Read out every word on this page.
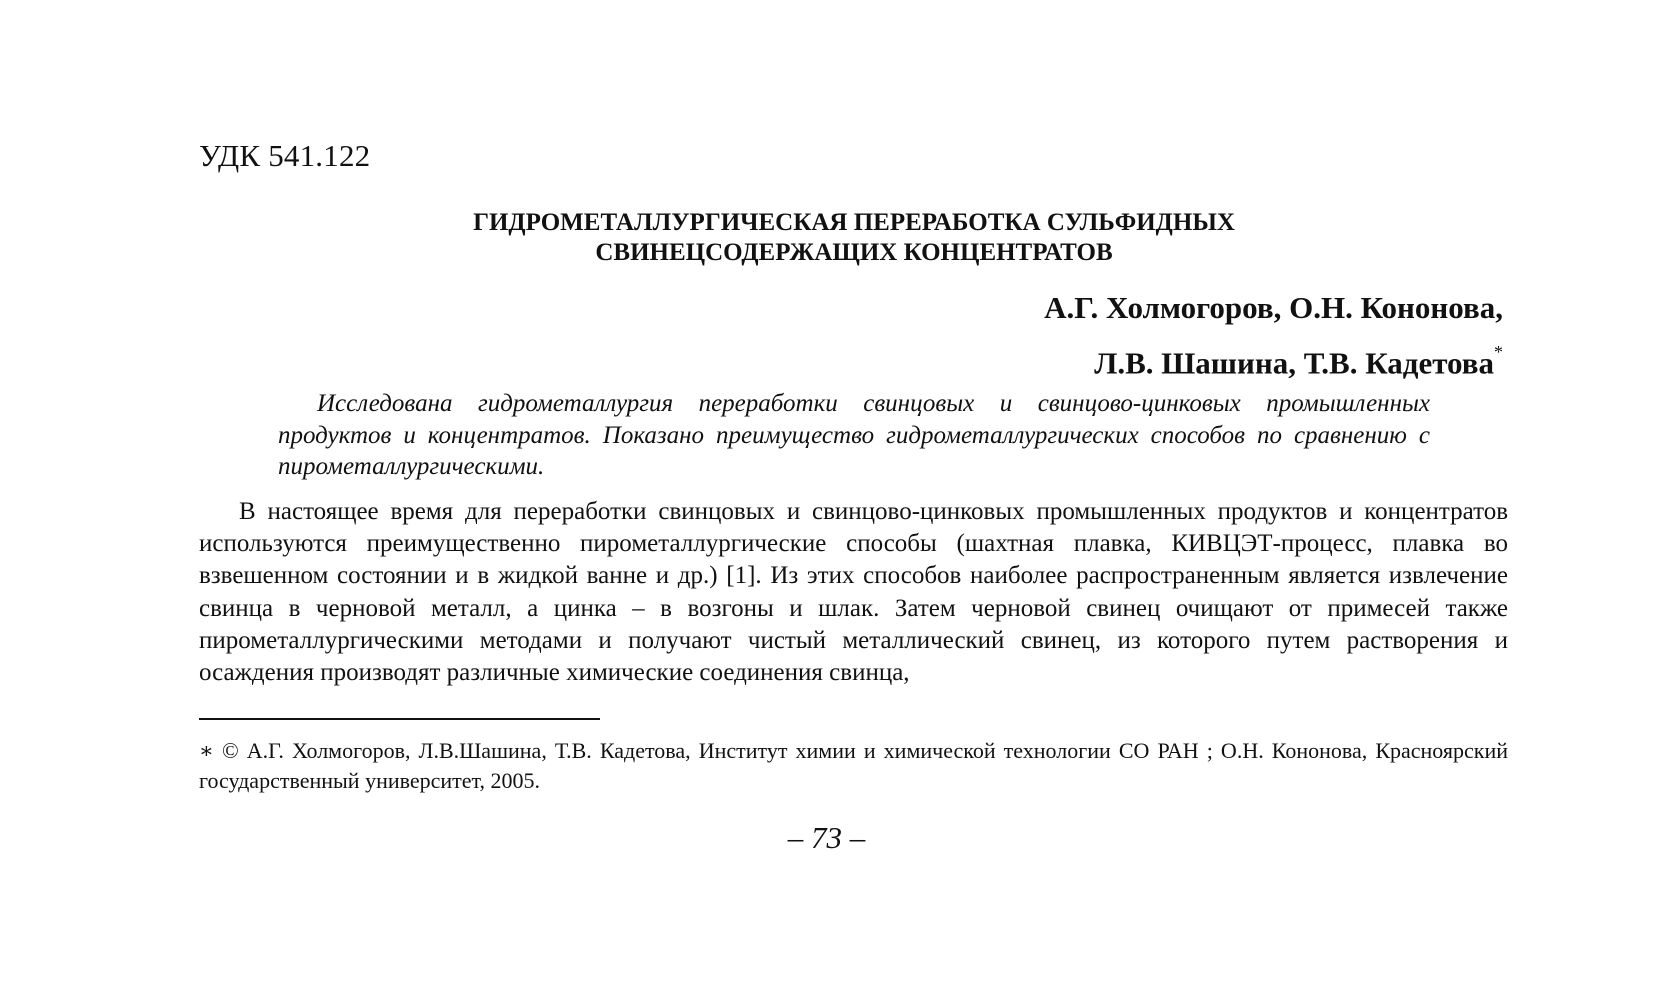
УДК 541.122
ГИДРОМЕТАЛЛУРГИЧЕСКАЯ ПЕРЕРАБОТКА СУЛЬФИДНЫХ
СВИНЕЦСОДЕРЖАЩИХ КОНЦЕНТРАТОВ
А.Г. Холмогоров, О.Н. Кононова,
Л.В. Шашина, Т.В. Кадетова*
Исследована гидрометаллургия переработки свинцовых и свинцово-цинковых промышленных продуктов и концентратов. Показано преимущество гидрометаллургических способов по сравнению с пирометаллургическими.
В настоящее время для переработки свинцовых и свинцово-цинковых промышленных продуктов и концентратов используются преимущественно пирометаллургические способы (шахтная плавка, КИВЦЭТ-процесс, плавка во взвешенном состоянии и в жидкой ванне и др.) [1]. Из этих способов наиболее распространенным является извлечение свинца в черновой металл, а цинка – в возгоны и шлак. Затем черновой свинец очищают от примесей также пирометаллургическими методами и получают чистый металлический свинец, из которого путем растворения и осаждения производят различные химические соединения свинца,
∗ © А.Г. Холмогоров, Л.В.Шашина, Т.В. Кадетова, Институт химии и химической технологии СО РАН ; О.Н. Кононова, Красноярский государственный университет, 2005.
– 73 –
